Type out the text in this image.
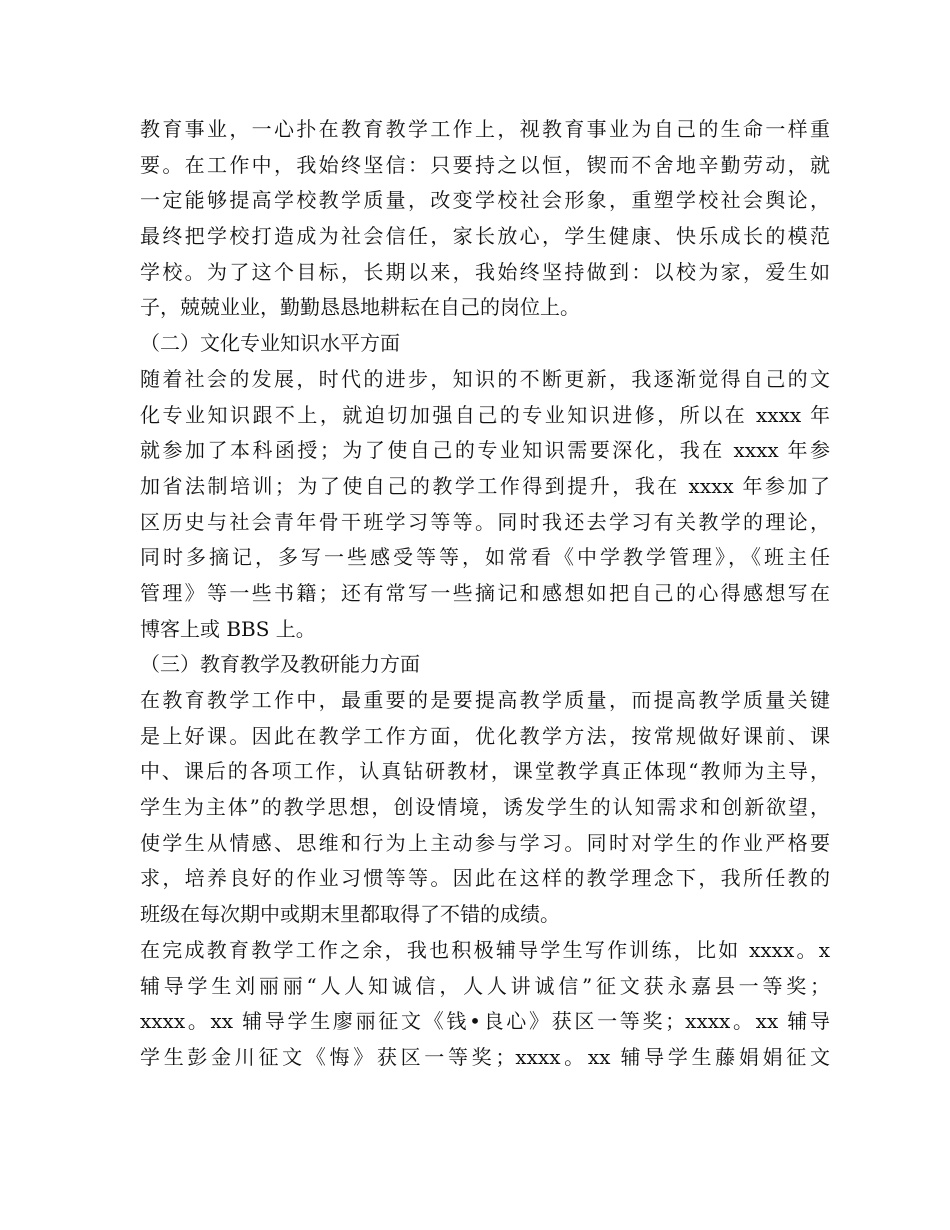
教育事业，一心扑在教育教学工作上，视教育事业为自己的生命一样重
要。在工作中，我始终坚信：只要持之以恒，锲而不舍地辛勤劳动，就
一定能够提高学校教学质量，改变学校社会形象，重塑学校社会舆论，
最终把学校打造成为社会信任，家长放心，学生健康、快乐成长的模范
学校。为了这个目标，长期以来，我始终坚持做到：以校为家，爱生如
子，兢兢业业，勤勤恳恳地耕耘在自己的岗位上。
（二）文化专业知识水平方面
随着社会的发展，时代的进步，知识的不断更新，我逐渐觉得自己的文
化专业知识跟不上，就迫切加强自己的专业知识进修，所以在 xxxx 年
就参加了本科函授；为了使自己的专业知识需要深化，我在 xxxx 年参
加省法制培训；为了使自己的教学工作得到提升，我在 xxxx 年参加了
区历史与社会青年骨干班学习等等。同时我还去学习有关教学的理论，
同时多摘记，多写一些感受等等，如常看《中学教学管理》，《班主任
管理》等一些书籍；还有常写一些摘记和感想如把自己的心得感想写在
博客上或 BBS 上。
（三）教育教学及教研能力方面
在教育教学工作中，最重要的是要提高教学质量，而提高教学质量关键
是上好课。因此在教学工作方面，优化教学方法，按常规做好课前、课
中、课后的各项工作，认真钻研教材，课堂教学真正体现“教师为主导，
学生为主体”的教学思想，创设情境，诱发学生的认知需求和创新欲望，
使学生从情感、思维和行为上主动参与学习。同时对学生的作业严格要
求，培养良好的作业习惯等等。因此在这样的教学理念下，我所任教的
班级在每次期中或期末里都取得了不错的成绩。
在完成教育教学工作之余，我也积极辅导学生写作训练，比如 xxxx。x
辅导学生刘丽丽“人人知诚信，人人讲诚信”征文获永嘉县一等奖；
xxxx。xx 辅导学生廖丽征文《钱•良心》获区一等奖；xxxx。xx 辅导
学生彭金川征文《悔》获区一等奖；xxxx。xx 辅导学生藤娟娟征文
